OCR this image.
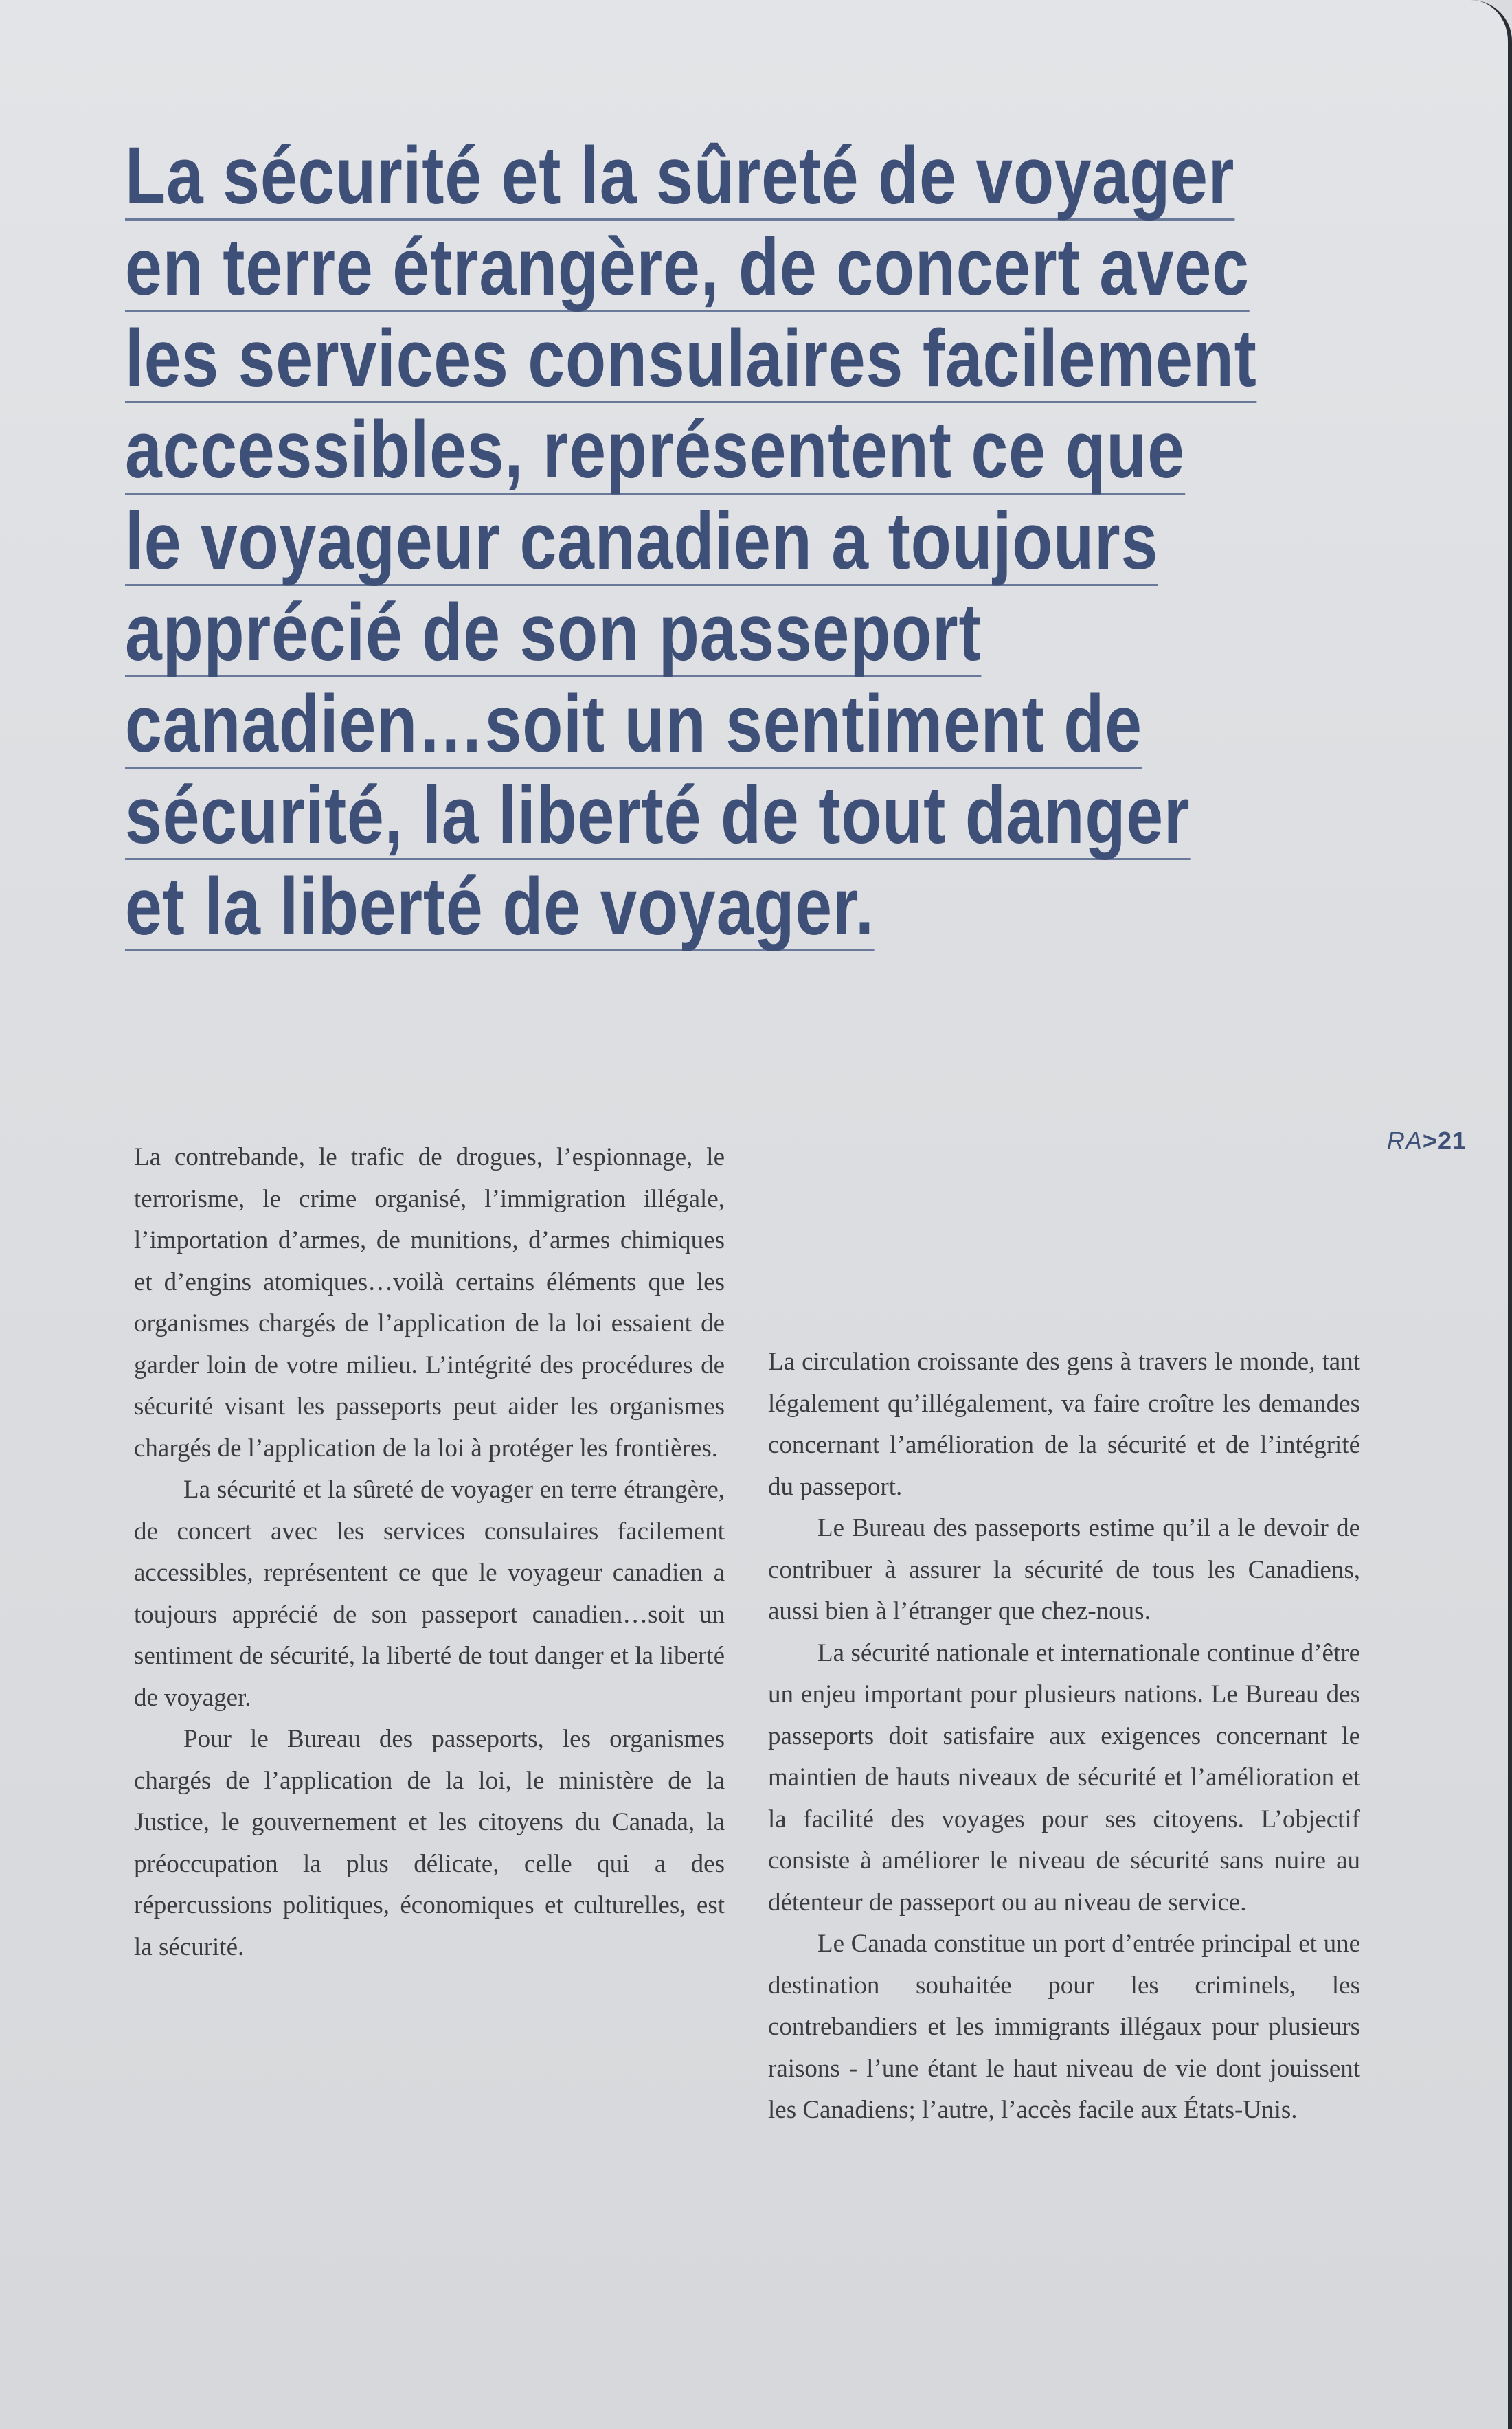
La sécurité et la sûreté de voyager
en terre étrangère, de concert avec
les services consulaires facilement
accessibles, représentent ce que
le voyageur canadien a toujours
apprécié de son passeport
canadien…soit un sentiment de
sécurité, la liberté de tout danger
et la liberté de voyager.
RA>21

La contrebande, le trafic de drogues, l’espionnage, le terrorisme, le crime organisé, l’immigration illégale, l’importation d’armes, de munitions, d’armes chimiques et d’engins atomiques…voilà certains éléments que les organismes chargés de l’application de la loi essaient de garder loin de votre milieu. L’intégrité des procédures de sécurité visant les passeports peut aider les organismes chargés de l’application de la loi à protéger les frontières.

La sécurité et la sûreté de voyager en terre étrangère, de concert avec les services consulaires facilement accessibles, représentent ce que le voyageur canadien a toujours apprécié de son passeport canadien…soit un sentiment de sécurité, la liberté de tout danger et la liberté de voyager.

Pour le Bureau des passeports, les organismes chargés de l’application de la loi, le ministère de la Justice, le gouvernement et les citoyens du Canada, la préoccupation la plus délicate, celle qui a des répercussions politiques, économiques et culturelles, est la sécurité.

La circulation croissante des gens à travers le monde, tant légalement qu’illégalement, va faire croître les demandes concernant l’amélioration de la sécurité et de l’intégrité du passeport.

Le Bureau des passeports estime qu’il a le devoir de contribuer à assurer la sécurité de tous les Canadiens, aussi bien à l’étranger que chez-nous.

La sécurité nationale et internationale continue d’être un enjeu important pour plusieurs nations. Le Bureau des passeports doit satisfaire aux exigences concernant le maintien de hauts niveaux de sécurité et l’amélioration et la facilité des voyages pour ses citoyens. L’objectif consiste à améliorer le niveau de sécurité sans nuire au détenteur de passeport ou au niveau de service.

Le Canada constitue un port d’entrée principal et une destination souhaitée pour les criminels, les contrebandiers et les immigrants illégaux pour plusieurs raisons - l’une étant le haut niveau de vie dont jouissent les Canadiens; l’autre, l’accès facile aux États-Unis.
